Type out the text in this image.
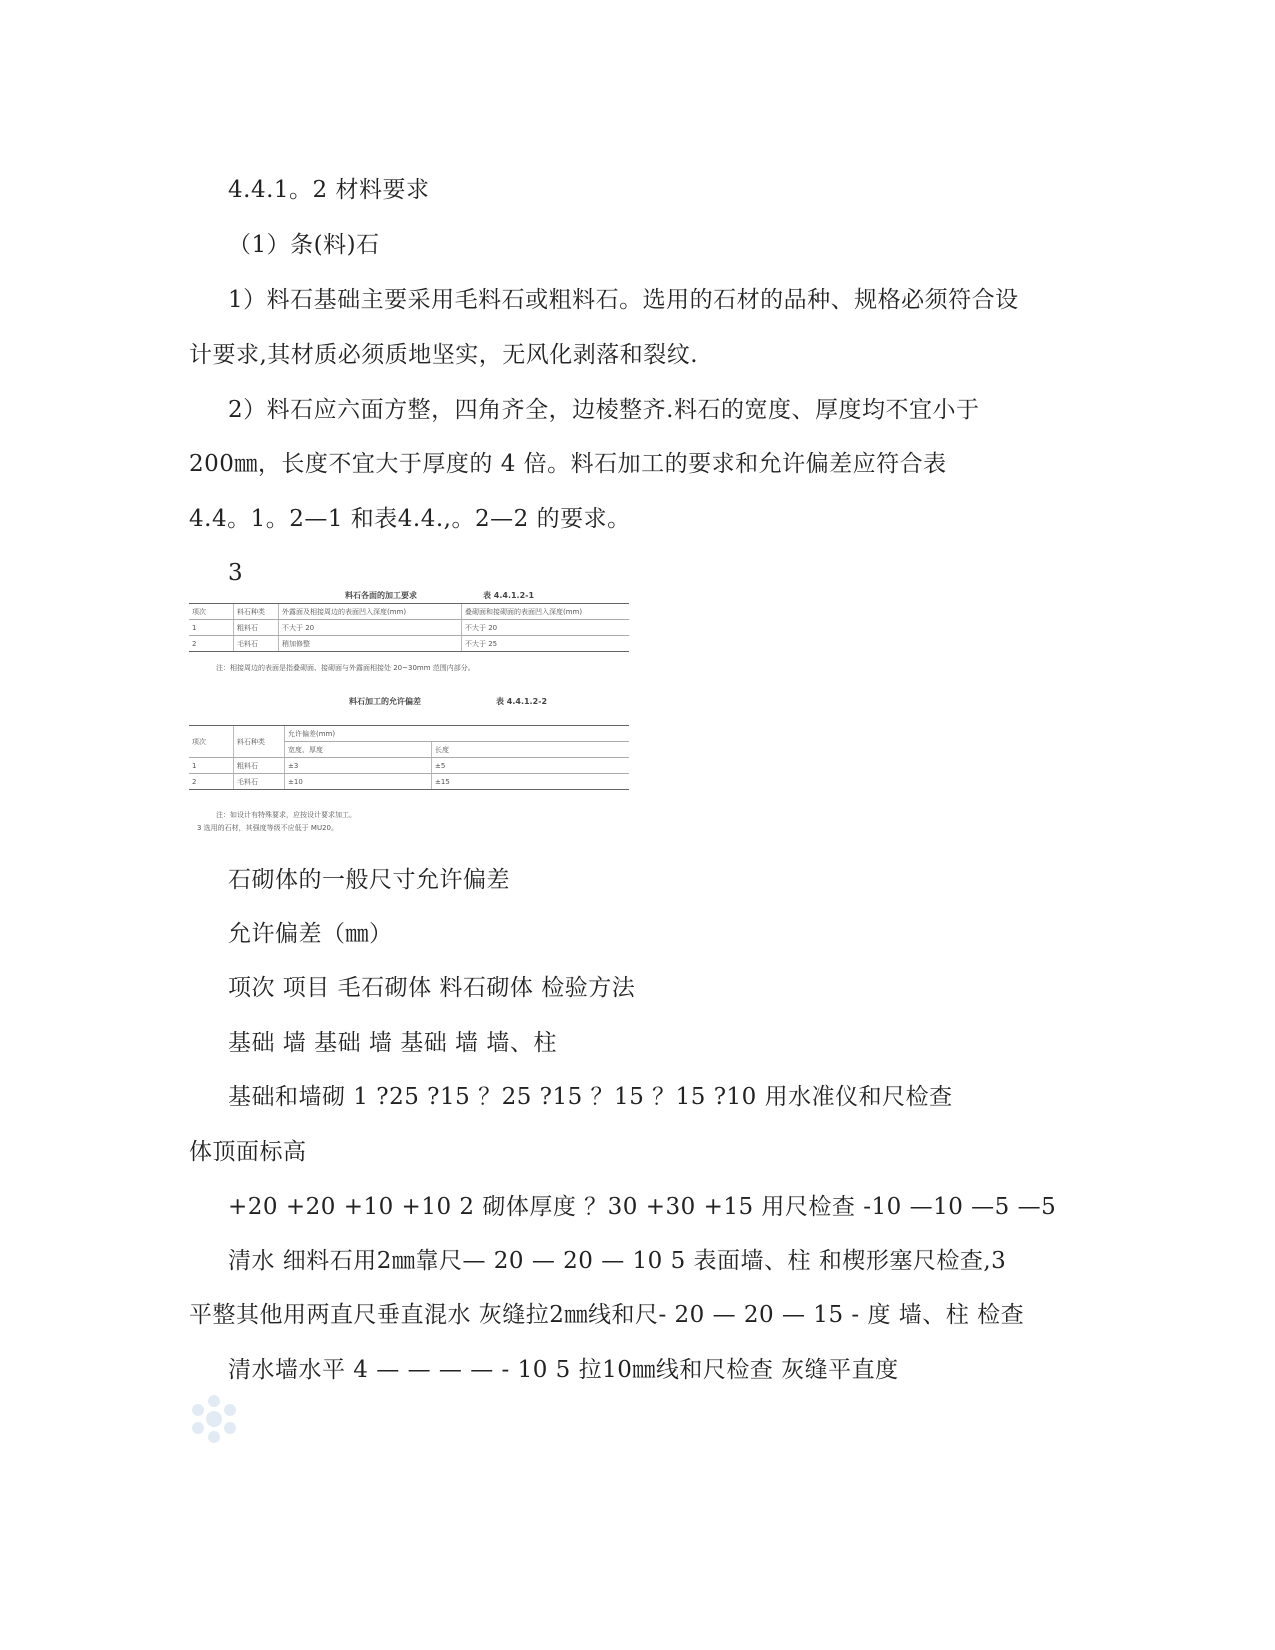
4.4.1。2 材料要求
（1）条(料)石
1）料石基础主要采用毛料石或粗料石。选用的石材的品种、规格必须符合设
计要求,其材质必须质地坚实，无风化剥落和裂纹.
2）料石应六面方整，四角齐全，边棱整齐.料石的宽度、厚度均不宜小于
200㎜，长度不宜大于厚度的 4 倍。料石加工的要求和允许偏差应符合表
4.4。1。2—1 和表4.4.,。2—2 的要求。
3
料石各面的加工要求	表 4.4.1.2-1
项次	料石种类	外露面及相接周边的表面凹入深度(mm)	叠砌面和接砌面的表面凹入深度(mm)
1	粗料石	不大于 20	不大于 20
2	毛料石	稍加修整	不大于 25
注：相接周边的表面是指叠砌面、接砌面与外露面相接处 20~30mm 范围内部分。
料石加工的允许偏差	表 4.4.1.2-2
项次	料石种类	允许偏差(mm)	
		宽度、厚度	长度
1	粗料石	±3	±5
2	毛料石	±10	±15
注：如设计有特殊要求，应按设计要求加工。
3 选用的石材，其强度等级不应低于 MU20。
石砌体的一般尺寸允许偏差
允许偏差（㎜）
项次 项目 毛石砌体 料石砌体 检验方法
基础 墙 基础 墙 基础 墙 墙、柱
基础和墙砌 1 ?25 ?15 ？25 ?15 ？15 ？15 ?10 用水准仪和尺检查
体顶面标高
+20 +20 +10 +10 2 砌体厚度 ？30 +30 +15 用尺检查 -10 —10 —5 —5
清水 细料石用2㎜靠尺— 20 — 20 — 10 5 表面墙、柱 和楔形塞尺检查,3
平整其他用两直尺垂直混水 灰缝拉2㎜线和尺- 20 — 20 — 15 - 度 墙、柱 检查
清水墙水平 4 — — — — - 10 5 拉10㎜线和尺检查 灰缝平直度
